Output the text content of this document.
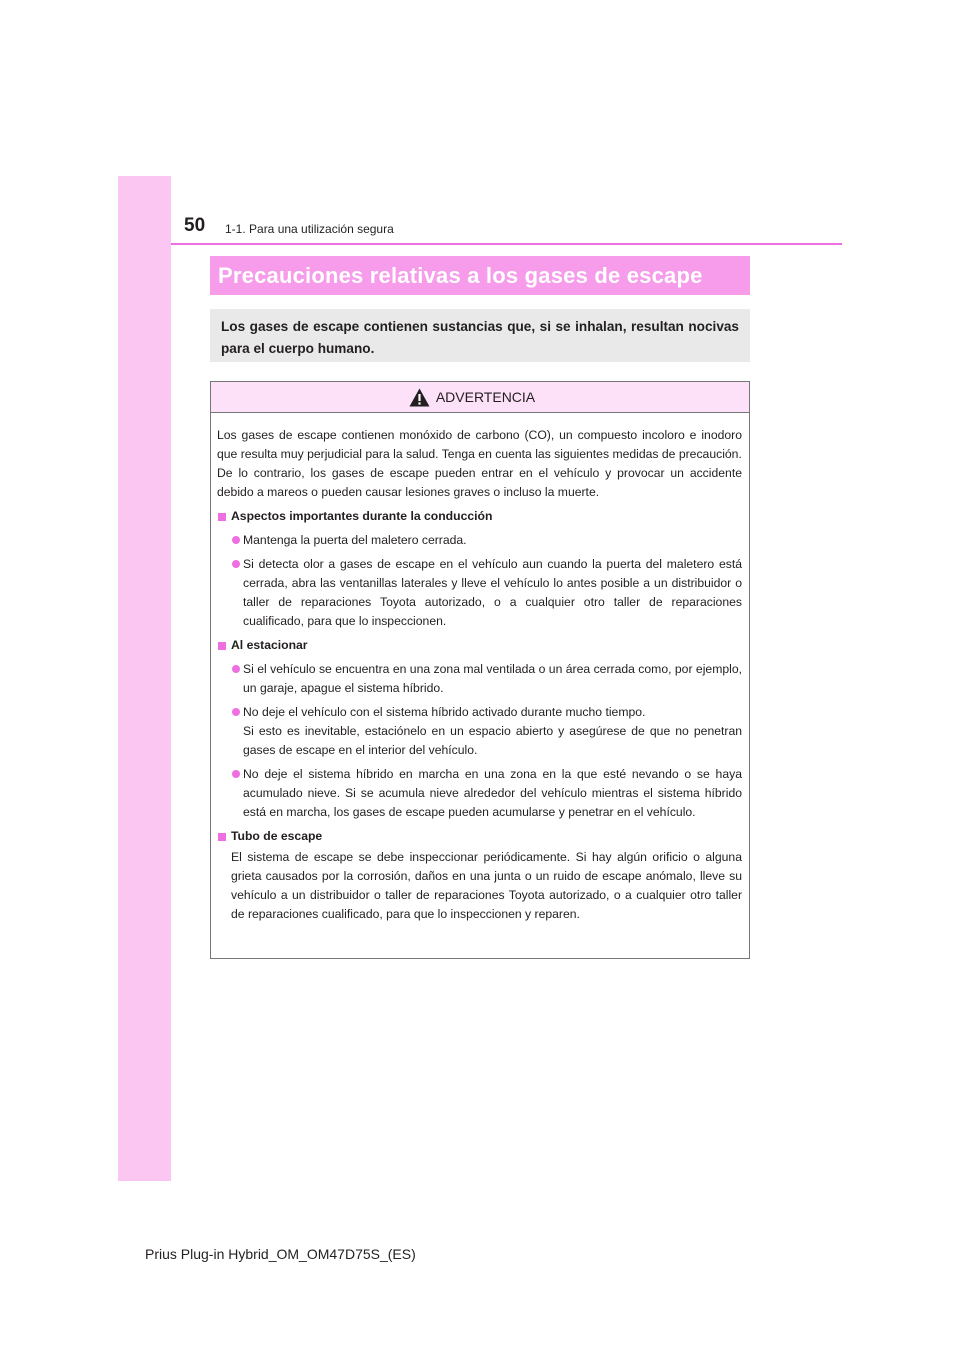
50 1-1. Para una utilización segura
Precauciones relativas a los gases de escape
Los gases de escape contienen sustancias que, si se inhalan, resultan nocivas para el cuerpo humano.
ADVERTENCIA

Los gases de escape contienen monóxido de carbono (CO), un compuesto incoloro e inodoro que resulta muy perjudicial para la salud. Tenga en cuenta las siguientes medidas de precaución.

De lo contrario, los gases de escape pueden entrar en el vehículo y provocar un accidente debido a mareos o pueden causar lesiones graves o incluso la muerte.

Aspectos importantes durante la conducción
Mantenga la puerta del maletero cerrada.
Si detecta olor a gases de escape en el vehículo aun cuando la puerta del maletero está cerrada, abra las ventanillas laterales y lleve el vehículo lo antes posible a un distribuidor o taller de reparaciones Toyota autorizado, o a cualquier otro taller de reparaciones cualificado, para que lo inspeccionen.
Al estacionar
Si el vehículo se encuentra en una zona mal ventilada o un área cerrada como, por ejemplo, un garaje, apague el sistema híbrido.
No deje el vehículo con el sistema híbrido activado durante mucho tiempo.
Si esto es inevitable, estaciónelo en un espacio abierto y asegúrese de que no penetran gases de escape en el interior del vehículo.
No deje el sistema híbrido en marcha en una zona en la que esté nevando o se haya acumulado nieve. Si se acumula nieve alrededor del vehículo mientras el sistema híbrido está en marcha, los gases de escape pueden acumularse y penetrar en el vehículo.
Tubo de escape
El sistema de escape se debe inspeccionar periódicamente. Si hay algún orificio o alguna grieta causados por la corrosión, daños en una junta o un ruido de escape anómalo, lleve su vehículo a un distribuidor o taller de reparaciones Toyota autorizado, o a cualquier otro taller de reparaciones cualificado, para que lo inspeccionen y reparen.
Prius Plug-in Hybrid_OM_OM47D75S_(ES)
